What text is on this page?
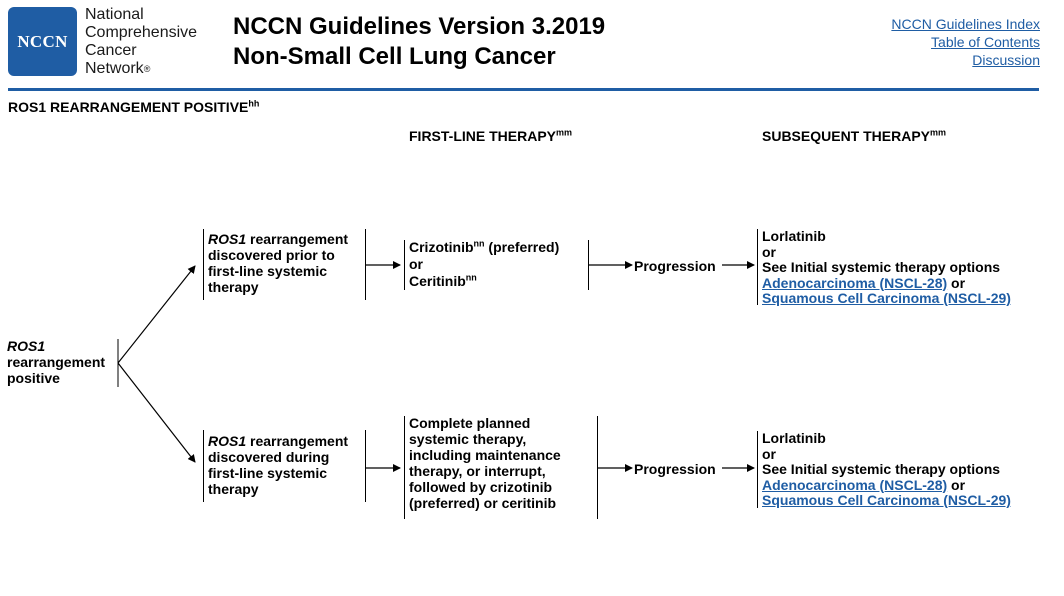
NCCN
National
Comprehensive
Cancer
Network®
NCCN Guidelines Version 3.2019
Non-Small Cell Lung Cancer
NCCN Guidelines Index
Table of Contents
Discussion
ROS1 REARRANGEMENT $POSITIVE^{hh}$
FIRST-LINE $THERAPY^{mm}$	SUBSEQUENT $THERAPY^{mm}$
ROS1
rearrangement
positive
ROS1 rearrangement
discovered prior to
first-line systemic
therapy
Crizotinib$^{nn}$ (preferred)
or
Ceritinib$^{nn}$
Progression
Lorlatinib
or
See Initial systemic therapy options
Adenocarcinoma (NSCL-28) or
Squamous Cell Carcinoma (NSCL-29)
ROS1 rearrangement
discovered during
first-line systemic
therapy
Complete planned
systemic therapy,
including maintenance
therapy, or interrupt,
followed by crizotinib
(preferred) or ceritinib
Progression
Lorlatinib
or
See Initial systemic therapy options
Adenocarcinoma (NSCL-28) or
Squamous Cell Carcinoma (NSCL-29)
